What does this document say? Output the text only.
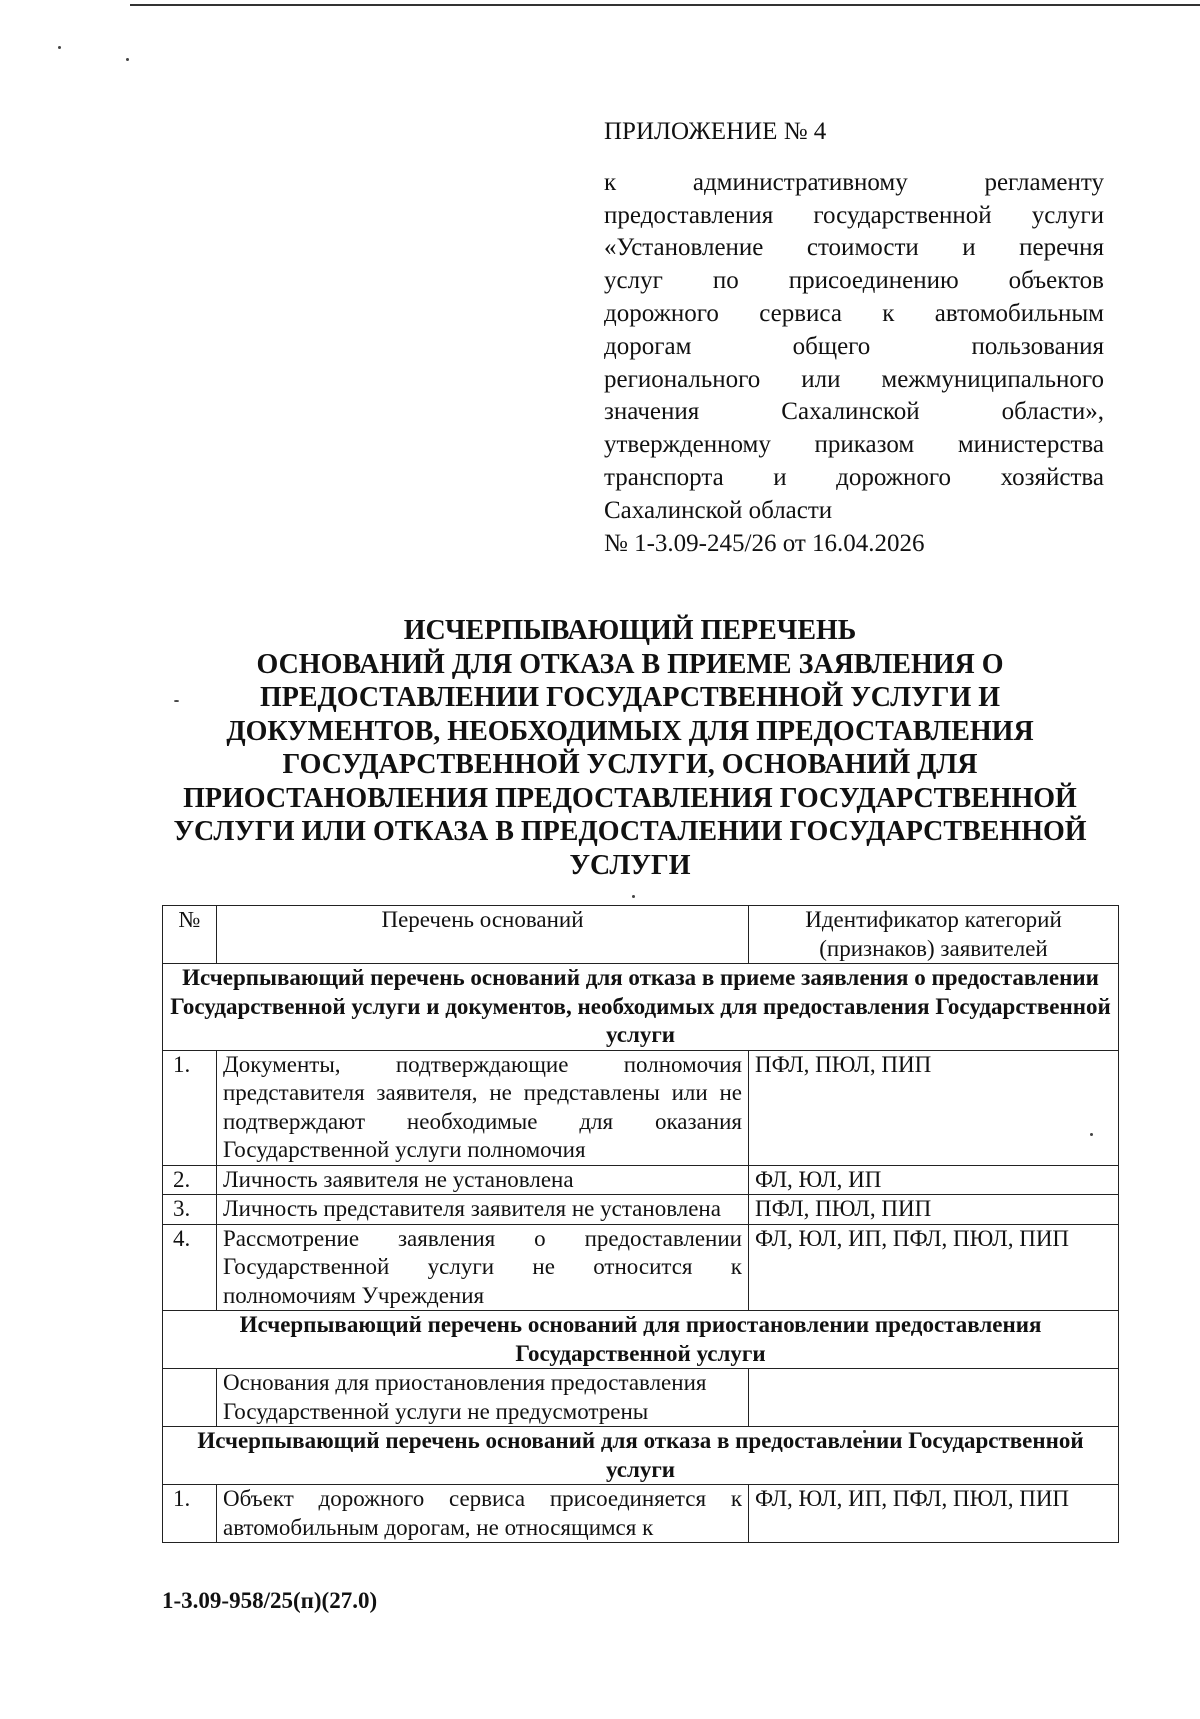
ПРИЛОЖЕНИЕ № 4
к административному регламенту
предоставления государственной услуги
«Установление стоимости и перечня
услуг по присоединению объектов
дорожного сервиса к автомобильным
дорогам общего пользования
регионального или межмуниципального
значения Сахалинской области»,
утвержденному приказом министерства
транспорта и дорожного хозяйства
Сахалинской области
№ 1-3.09-245/26 от 16.04.2026
ИСЧЕРПЫВАЮЩИЙ ПЕРЕЧЕНЬ
ОСНОВАНИЙ ДЛЯ ОТКАЗА В ПРИЕМЕ ЗАЯВЛЕНИЯ О
ПРЕДОСТАВЛЕНИИ ГОСУДАРСТВЕННОЙ УСЛУГИ И
ДОКУМЕНТОВ, НЕОБХОДИМЫХ ДЛЯ ПРЕДОСТАВЛЕНИЯ
ГОСУДАРСТВЕННОЙ УСЛУГИ, ОСНОВАНИЙ ДЛЯ
ПРИОСТАНОВЛЕНИЯ ПРЕДОСТАВЛЕНИЯ ГОСУДАРСТВЕННОЙ
УСЛУГИ ИЛИ ОТКАЗА В ПРЕДОСТАЛЕНИИ ГОСУДАРСТВЕННОЙ
УСЛУГИ
№	Перечень оснований	Идентификатор категорий (признаков) заявителей
Исчерпывающий перечень оснований для отказа в приеме заявления о предоставлении Государственной услуги и документов, необходимых для предоставления Государственной услуги		
1.	Документы, подтверждающие полномочия представителя заявителя, не представлены или не подтверждают необходимые для оказания Государственной услуги полномочия	ПФЛ, ПЮЛ, ПИП
2.	Личность заявителя не установлена	ФЛ, ЮЛ, ИП
3.	Личность представителя заявителя не установлена	ПФЛ, ПЮЛ, ПИП
4.	Рассмотрение заявления о предоставлении Государственной услуги не относится к полномочиям Учреждения	ФЛ, ЮЛ, ИП, ПФЛ, ПЮЛ, ПИП
Исчерпывающий перечень оснований для приостановлении предоставления Государственной услуги		
	Основания для приостановления предоставления Государственной услуги не предусмотрены	
Исчерпывающий перечень оснований для отказа в предоставлении Государственной услуги		
1.	Объект дорожного сервиса присоединяется к автомобильным дорогам, не относящимся к	ФЛ, ЮЛ, ИП, ПФЛ, ПЮЛ, ПИП
1-3.09-958/25(п)(27.0)
